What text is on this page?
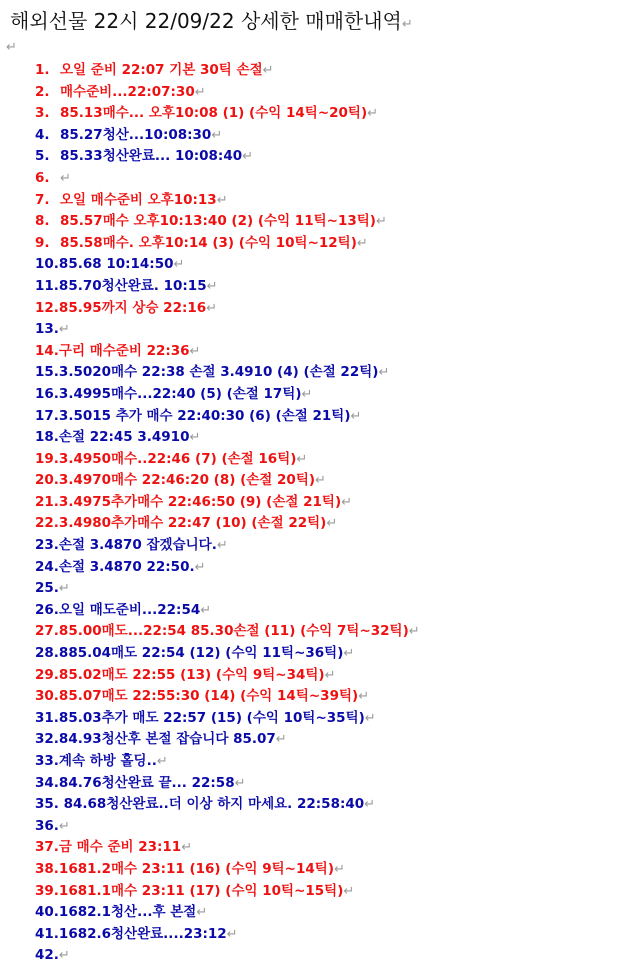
해외선물 22시 22/09/22 상세한 매매한내역↵
↵
1. 오일 준비 22:07 기본 30틱 손절↵
2. 매수준비...22:07:30↵
3. 85.13매수... 오후10:08 (1) (수익 14틱~20틱)↵
4. 85.27청산...10:08:30↵
5. 85.33청산완료... 10:08:40↵
6. ↵
7. 오일 매수준비 오후10:13↵
8. 85.57매수 오후10:13:40 (2) (수익 11틱~13틱)↵
9. 85.58매수. 오후10:14 (3) (수익 10틱~12틱)↵
10.85.68 10:14:50↵
11.85.70청산완료. 10:15↵
12.85.95까지 상승 22:16↵
13.↵
14.구리 매수준비 22:36↵
15.3.5020매수 22:38 손절 3.4910 (4) (손절 22틱)↵
16.3.4995매수...22:40 (5) (손절 17틱)↵
17.3.5015 추가 매수 22:40:30 (6) (손절 21틱)↵
18.손절 22:45 3.4910↵
19.3.4950매수..22:46 (7) (손절 16틱)↵
20.3.4970매수 22:46:20 (8) (손절 20틱)↵
21.3.4975추가매수 22:46:50 (9) (손절 21틱)↵
22.3.4980추가매수 22:47 (10) (손절 22틱)↵
23.손절 3.4870 잡겠습니다.↵
24.손절 3.4870 22:50.↵
25.↵
26.오일 매도준비...22:54↵
27.85.00매도...22:54 85.30손절 (11) (수익 7틱~32틱)↵
28.885.04매도 22:54 (12) (수익 11틱~36틱)↵
29.85.02매도 22:55 (13) (수익 9틱~34틱)↵
30.85.07매도 22:55:30 (14) (수익 14틱~39틱)↵
31.85.03추가 매도 22:57 (15) (수익 10틱~35틱)↵
32.84.93청산후 본절 잡습니다 85.07↵
33.계속 하방 홀딩..↵
34.84.76청산완료 끝... 22:58↵
35. 84.68청산완료..더 이상 하지 마세요. 22:58:40↵
36.↵
37.금 매수 준비 23:11↵
38.1681.2매수 23:11 (16) (수익 9틱~14틱)↵
39.1681.1매수 23:11 (17) (수익 10틱~15틱)↵
40.1682.1청산...후 본절↵
41.1682.6청산완료....23:12↵
42.↵
